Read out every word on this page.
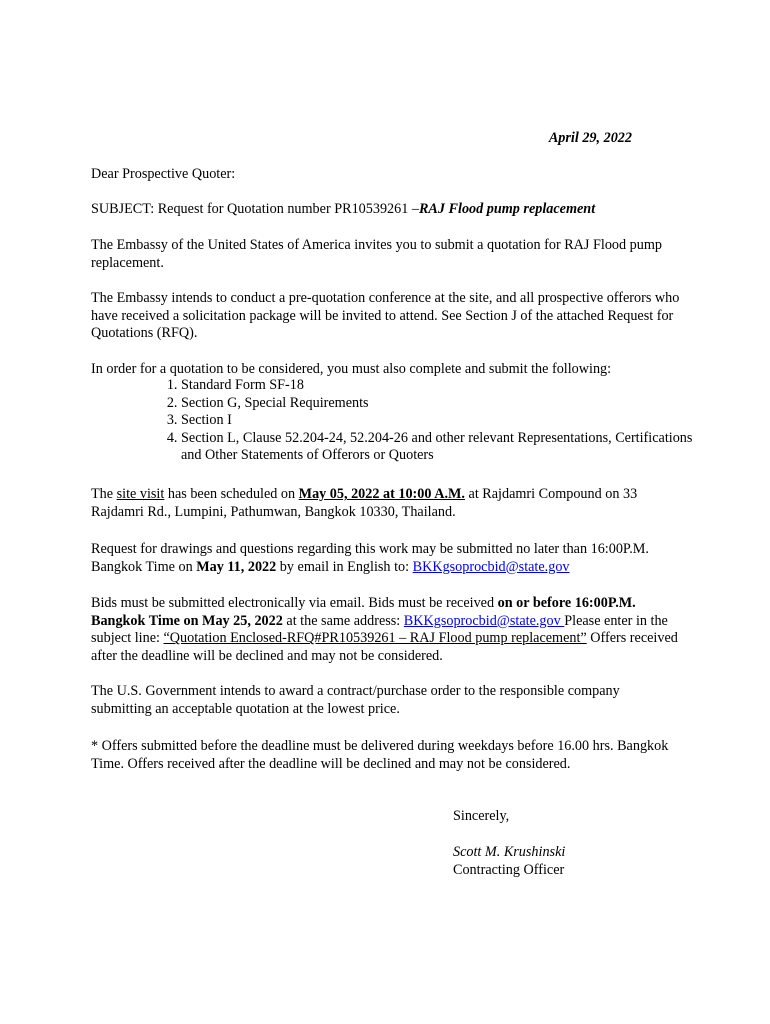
April 29, 2022

Dear Prospective Quoter:

SUBJECT: Request for Quotation number PR10539261 –RAJ Flood pump replacement

The Embassy of the United States of America invites you to submit a quotation for RAJ Flood pump replacement.

The Embassy intends to conduct a pre-quotation conference at the site, and all prospective offerors who have received a solicitation package will be invited to attend. See Section J of the attached Request for Quotations (RFQ).

In order for a quotation to be considered, you must also complete and submit the following:

1. Standard Form SF-18
2. Section G, Special Requirements
3. Section I
4. Section L, Clause 52.204-24, 52.204-26 and other relevant Representations, Certifications and Other Statements of Offerors or Quoters

The site visit has been scheduled on May 05, 2022 at 10:00 A.M. at Rajdamri Compound on 33 Rajdamri Rd., Lumpini, Pathumwan, Bangkok 10330, Thailand.

Request for drawings and questions regarding this work may be submitted no later than 16:00P.M. Bangkok Time on May 11, 2022 by email in English to: BKKgsoprocbid@state.gov

Bids must be submitted electronically via email. Bids must be received on or before 16:00P.M. Bangkok Time on May 25, 2022 at the same address: BKKgsoprocbid@state.gov Please enter in the subject line: “Quotation Enclosed-RFQ#PR10539261 – RAJ Flood pump replacement” Offers received after the deadline will be declined and may not be considered.

The U.S. Government intends to award a contract/purchase order to the responsible company submitting an acceptable quotation at the lowest price.

* Offers submitted before the deadline must be delivered during weekdays before 16.00 hrs. Bangkok Time. Offers received after the deadline will be declined and may not be considered.

Sincerely,
Scott M. Krushinski
Contracting Officer
